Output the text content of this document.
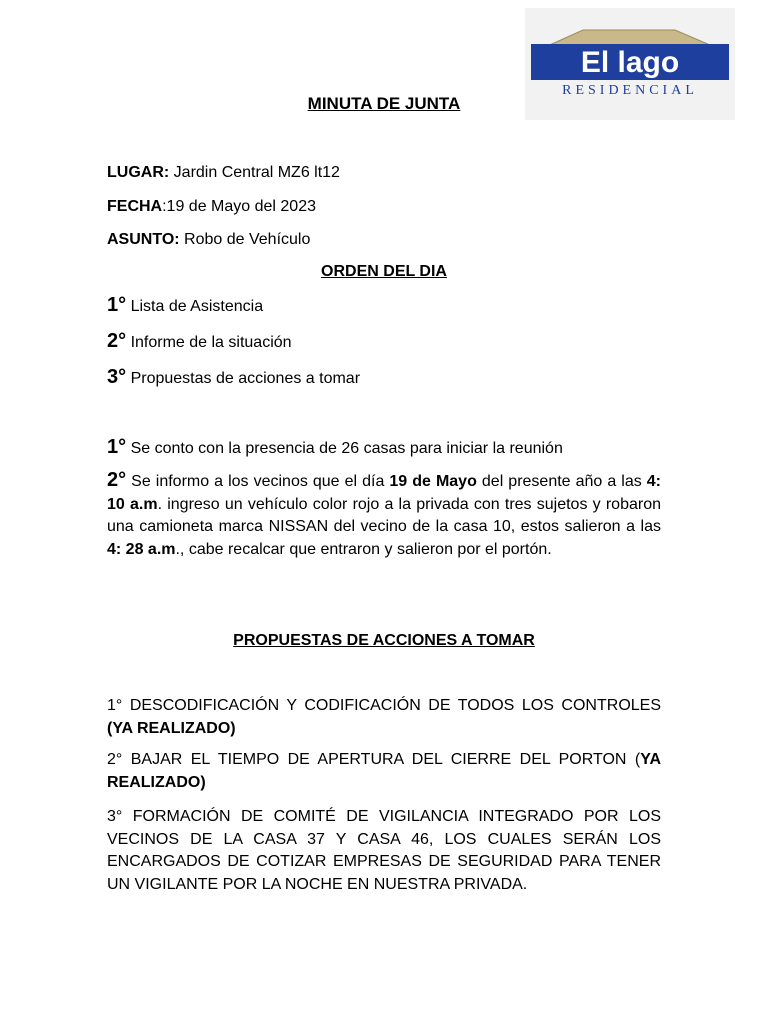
El lago
RESIDENCIAL
MINUTA DE JUNTA
LUGAR: Jardin Central MZ6 lt12
FECHA:19 de Mayo del 2023
ASUNTO: Robo de Vehículo
ORDEN DEL DIA
1° Lista de Asistencia
2° Informe de la situación
3° Propuestas de acciones a tomar
1° Se conto con la presencia de 26 casas para iniciar la reunión
2° Se informo a los vecinos que el día 19 de Mayo del presente año a las 4: 10 a.m. ingreso un vehículo color rojo a la privada con tres sujetos y robaron una camioneta marca NISSAN del vecino de la casa 10, estos salieron a las 4: 28 a.m., cabe recalcar que entraron y salieron por el portón.
PROPUESTAS DE ACCIONES A TOMAR
1° DESCODIFICACIÓN Y CODIFICACIÓN DE TODOS LOS CONTROLES (YA REALIZADO)
2° BAJAR EL TIEMPO DE APERTURA DEL CIERRE DEL PORTON (YA REALIZADO)
3° FORMACIÓN DE COMITÉ DE VIGILANCIA INTEGRADO POR LOS VECINOS DE LA CASA 37 Y CASA 46, LOS CUALES SERÁN LOS ENCARGADOS DE COTIZAR EMPRESAS DE SEGURIDAD PARA TENER UN VIGILANTE POR LA NOCHE EN NUESTRA PRIVADA.
